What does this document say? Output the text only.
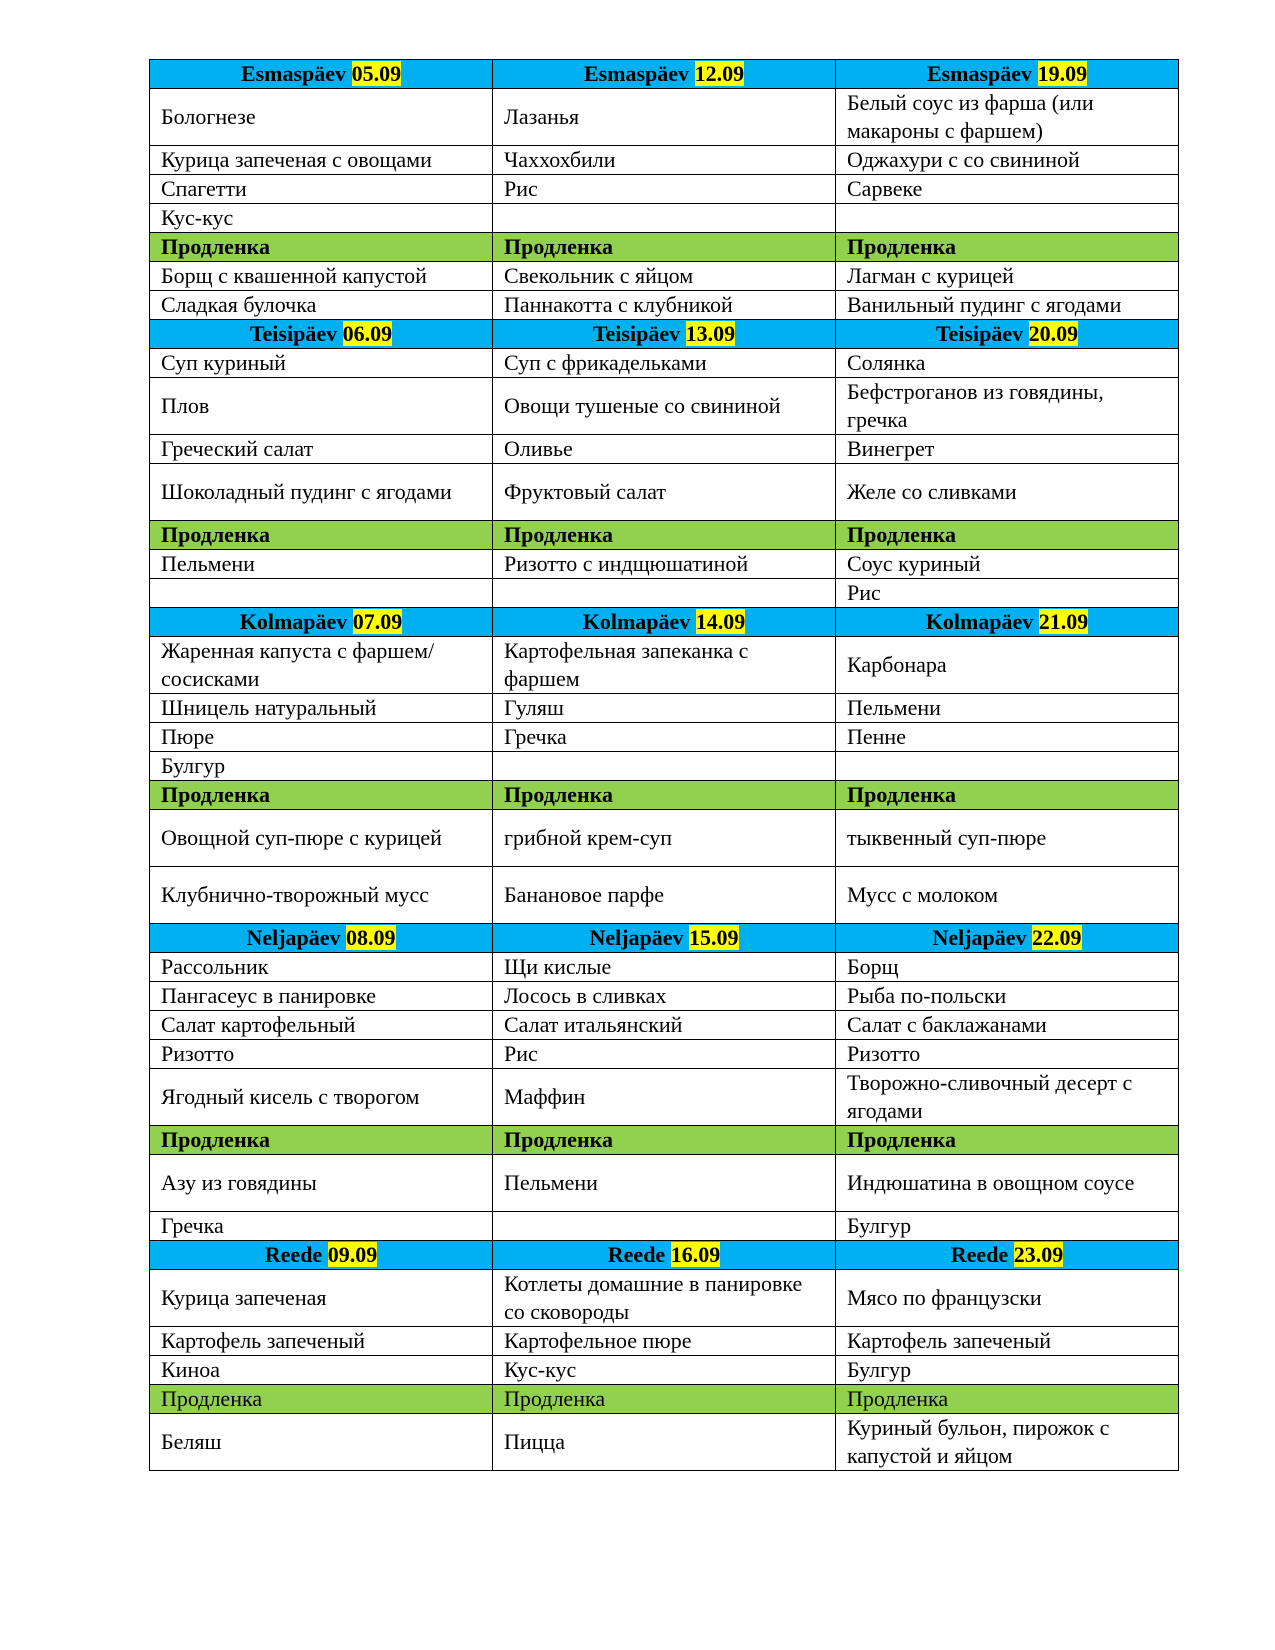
Esmaspäev 05.09	Esmaspäev 12.09	Esmaspäev 19.09
Бологнезе	Лазанья	Белый соус из фарша (или макароны с фаршем)
Курица запеченая с овощами	Чаххохбили	Оджахури с со свининой
Спагетти	Рис	Сарвеке
Кус-кус		
Продленка	Продленка	Продленка
Борщ с квашенной капустой	Свекольник с яйцом	Лагман с курицей
Сладкая булочка	Паннакотта с клубникой	Ванильный пудинг с ягодами
Teisipäev 06.09	Teisipäev 13.09	Teisipäev 20.09
Суп куриный	Суп с фрикадельками	Солянка
Плов	Овощи тушеные со свининой	Бефстроганов из говядины, гречка
Греческий салат	Оливье	Винегрет
Шоколадный пудинг с ягодами	Фруктовый салат	Желе со сливками
Продленка	Продленка	Продленка
Пельмени	Ризотто с индщюшатиной	Соус куриный
		Рис
Kolmapäev 07.09	Kolmapäev 14.09	Kolmapäev 21.09
Жаренная капуста с фаршем/сосисками	Картофельная запеканка с фаршем	Карбонара
Шницель натуральный	Гуляш	Пельмени
Пюре	Гречка	Пенне
Булгур		
Продленка	Продленка	Продленка
Овощной суп-пюре с курицей	грибной крем-суп	тыквенный суп-пюре
Клубнично-творожный мусс	Банановое парфе	Мусс с молоком
Neljapäev 08.09	Neljapäev 15.09	Neljapäev 22.09
Рассольник	Щи кислые	Борщ
Пангасеус в панировке	Лосось в сливках	Рыба по-польски
Салат картофельный	Салат итальянский	Салат с баклажанами
Ризотто	Рис	Ризотто
Ягодный кисель с творогом	Маффин	Творожно-сливочный десерт с ягодами
Продленка	Продленка	Продленка
Азу из говядины	Пельмени	Индюшатина в овощном соусе
Гречка		Булгур
Reede 09.09	Reede 16.09	Reede 23.09
Курица запеченая	Котлеты домашние в панировке со сковороды	Мясо по французски
Картофель запеченый	Картофельное пюре	Картофель запеченый
Киноа	Кус-кус	Булгур
Продленка	Продленка	Продленка
Беляш	Пицца	Куриный бульон, пирожок с капустой и яйцом
